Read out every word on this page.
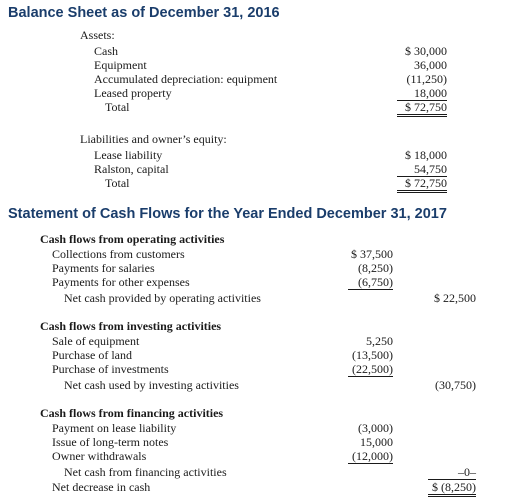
Balance Sheet as of December 31, 2016
Assets:
Cash
Equipment
Accumulated depreciation: equipment
Leased property
Total
$ 30,000
36,000
(11,250)
18,000
$ 72,750
Liabilities and owner’s equity:
Lease liability
Ralston, capital
Total
$ 18,000
54,750
$ 72,750
Statement of Cash Flows for the Year Ended December 31, 2017
Cash flows from operating activities
Collections from customers
Payments for salaries
Payments for other expenses
Net cash provided by operating activities
$ 37,500
(8,250)
(6,750)
$ 22,500
Cash flows from investing activities
Sale of equipment
Purchase of land
Purchase of investments
Net cash used by investing activities
5,250
(13,500)
(22,500)
(30,750)
Cash flows from financing activities
Payment on lease liability
Issue of long-term notes
Owner withdrawals
Net cash from financing activities
Net decrease in cash
(3,000)
15,000
(12,000)
–0–
$ (8,250)
